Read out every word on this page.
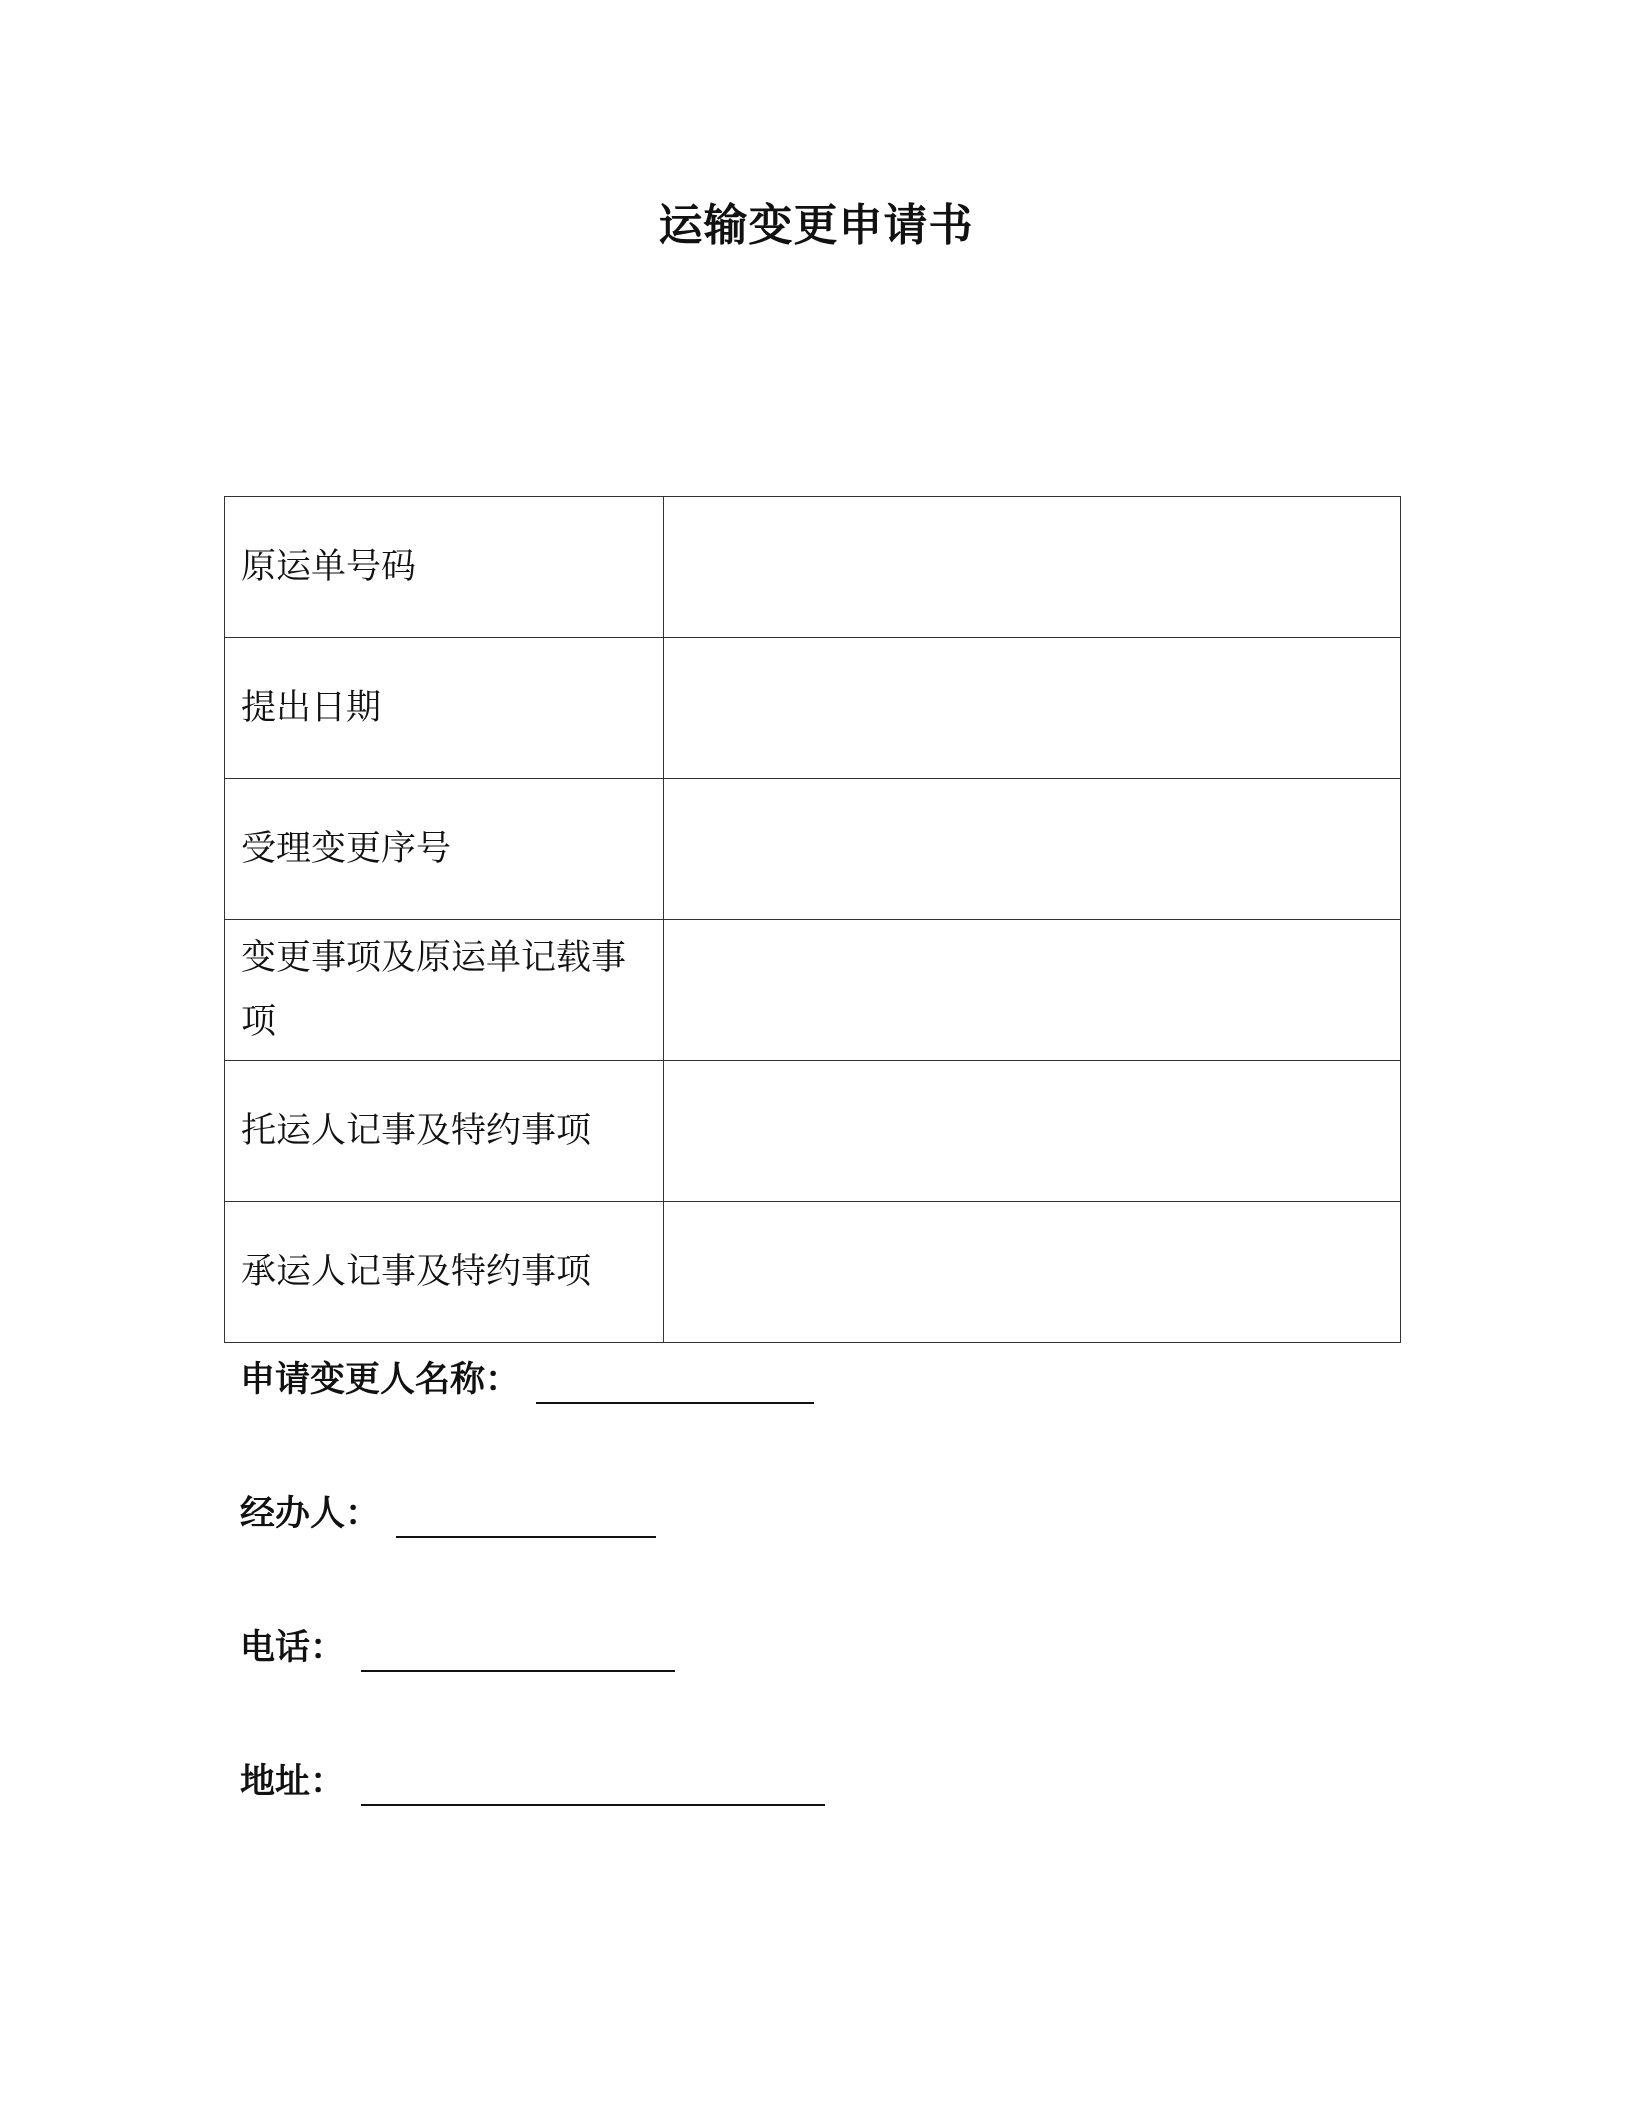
运输变更申请书
原运单号码	
提出日期	
受理变更序号	
变更事项及原运单记载事项	
托运人记事及特约事项	
承运人记事及特约事项	
申请变更人名称：
经办人：
电话：
地址：
